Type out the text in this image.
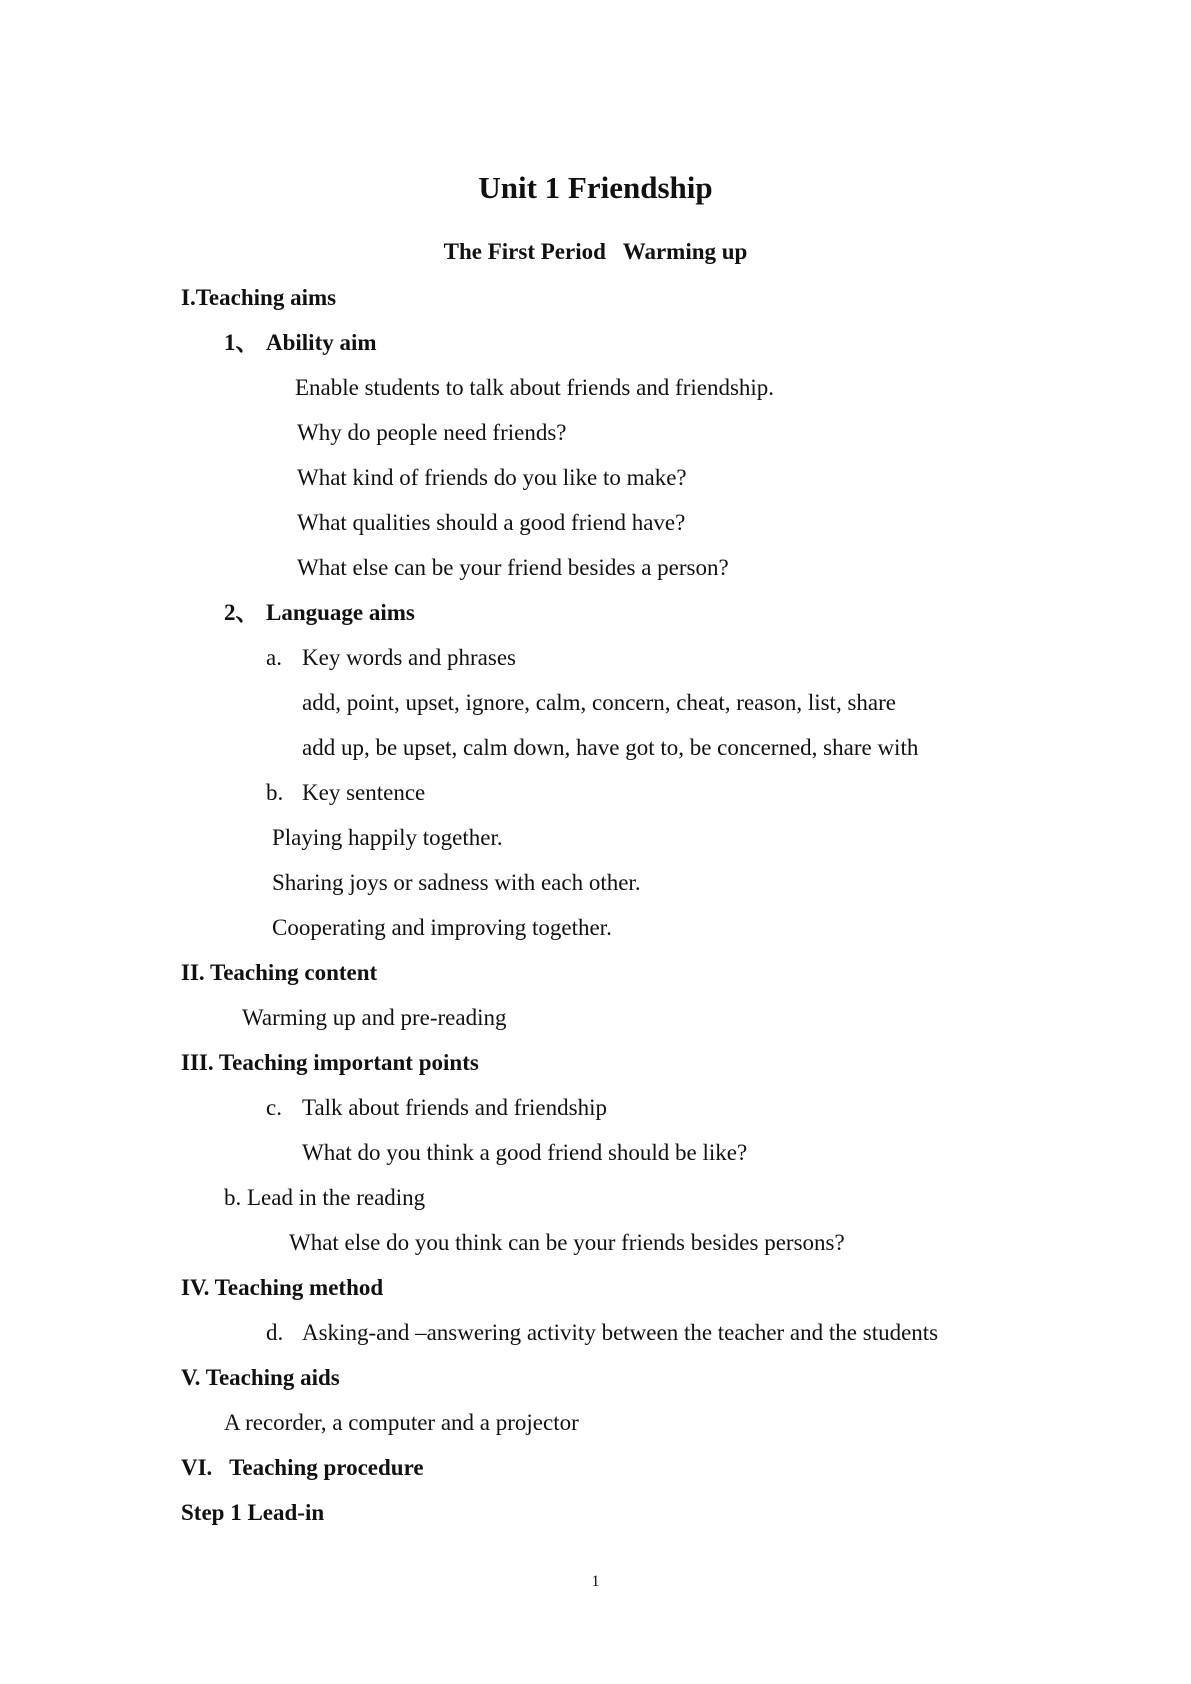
Unit 1 Friendship
The First Period   Warming up
I.Teaching aims
1、 Ability aim
Enable students to talk about friends and friendship.
Why do people need friends?
What kind of friends do you like to make?
What qualities should a good friend have?
What else can be your friend besides a person?
2、 Language aims
a. Key words and phrases
add, point, upset, ignore, calm, concern, cheat, reason, list, share
add up, be upset, calm down, have got to, be concerned, share with
b. Key sentence
Playing happily together.
Sharing joys or sadness with each other.
Cooperating and improving together.
II. Teaching content
Warming up and pre-reading
III. Teaching important points
c. Talk about friends and friendship
What do you think a good friend should be like?
b. Lead in the reading
What else do you think can be your friends besides persons?
IV. Teaching method
d. Asking-and –answering activity between the teacher and the students
V. Teaching aids
A recorder, a computer and a projector
VI.   Teaching procedure
Step 1 Lead-in
1
